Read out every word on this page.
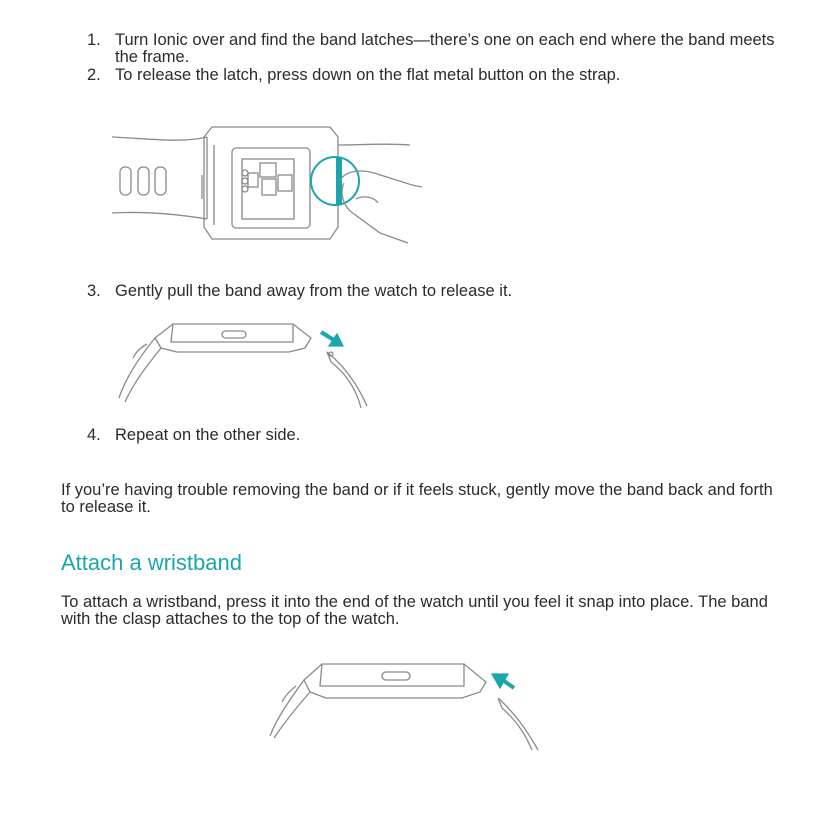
1. Turn Ionic over and find the band latches—there’s one on each end where the band meets the frame.
2. To release the latch, press down on the flat metal button on the strap.
3. Gently pull the band away from the watch to release it.
4. Repeat on the other side.

If you’re having trouble removing the band or if it feels stuck, gently move the band back and forth to release it.

Attach a wristband

To attach a wristband, press it into the end of the watch until you feel it snap into place. The band with the clasp attaches to the top of the watch.
